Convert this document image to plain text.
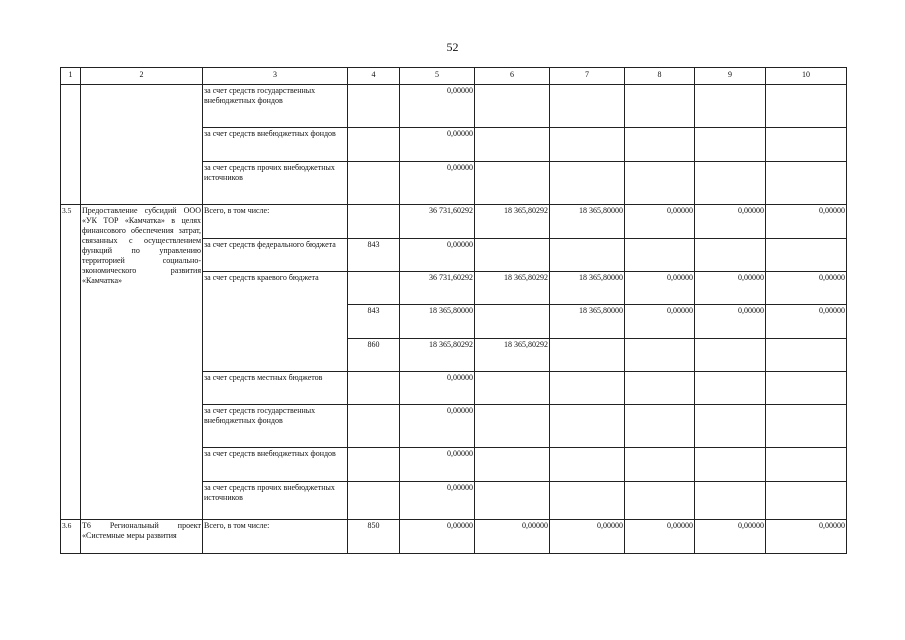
52
1	2	3	4	5	6	7	8	9	10
		за счет средств государственных внебюджетных фондов		0,00000					
		за счет средств внебюджетных фондов		0,00000					
		за счет средств прочих внебюджетных источников		0,00000					
3.5	Предоставление субсидий ООО «УК ТОР «Камчатка» в целях финансового обеспечения затрат, связанных с осуществлением функций по управлению территорией социально-экономического развития «Камчатка»	Всего, в том числе:		36 731,60292	18 365,80292	18 365,80000	0,00000	0,00000	0,00000
		за счет средств федерального бюджета	843	0,00000					
		за счет средств краевого бюджета		36 731,60292	18 365,80292	18 365,80000	0,00000	0,00000	0,00000
			843	18 365,80000		18 365,80000	0,00000	0,00000	0,00000
			860	18 365,80292	18 365,80292				
		за счет средств местных бюджетов		0,00000					
		за счет средств государственных внебюджетных фондов		0,00000					
		за счет средств внебюджетных фондов		0,00000					
		за счет средств прочих внебюджетных источников		0,00000					
3.6	Т6 Региональный проект «Системные меры развития	Всего, в том числе:	850	0,00000	0,00000	0,00000	0,00000	0,00000	0,00000
